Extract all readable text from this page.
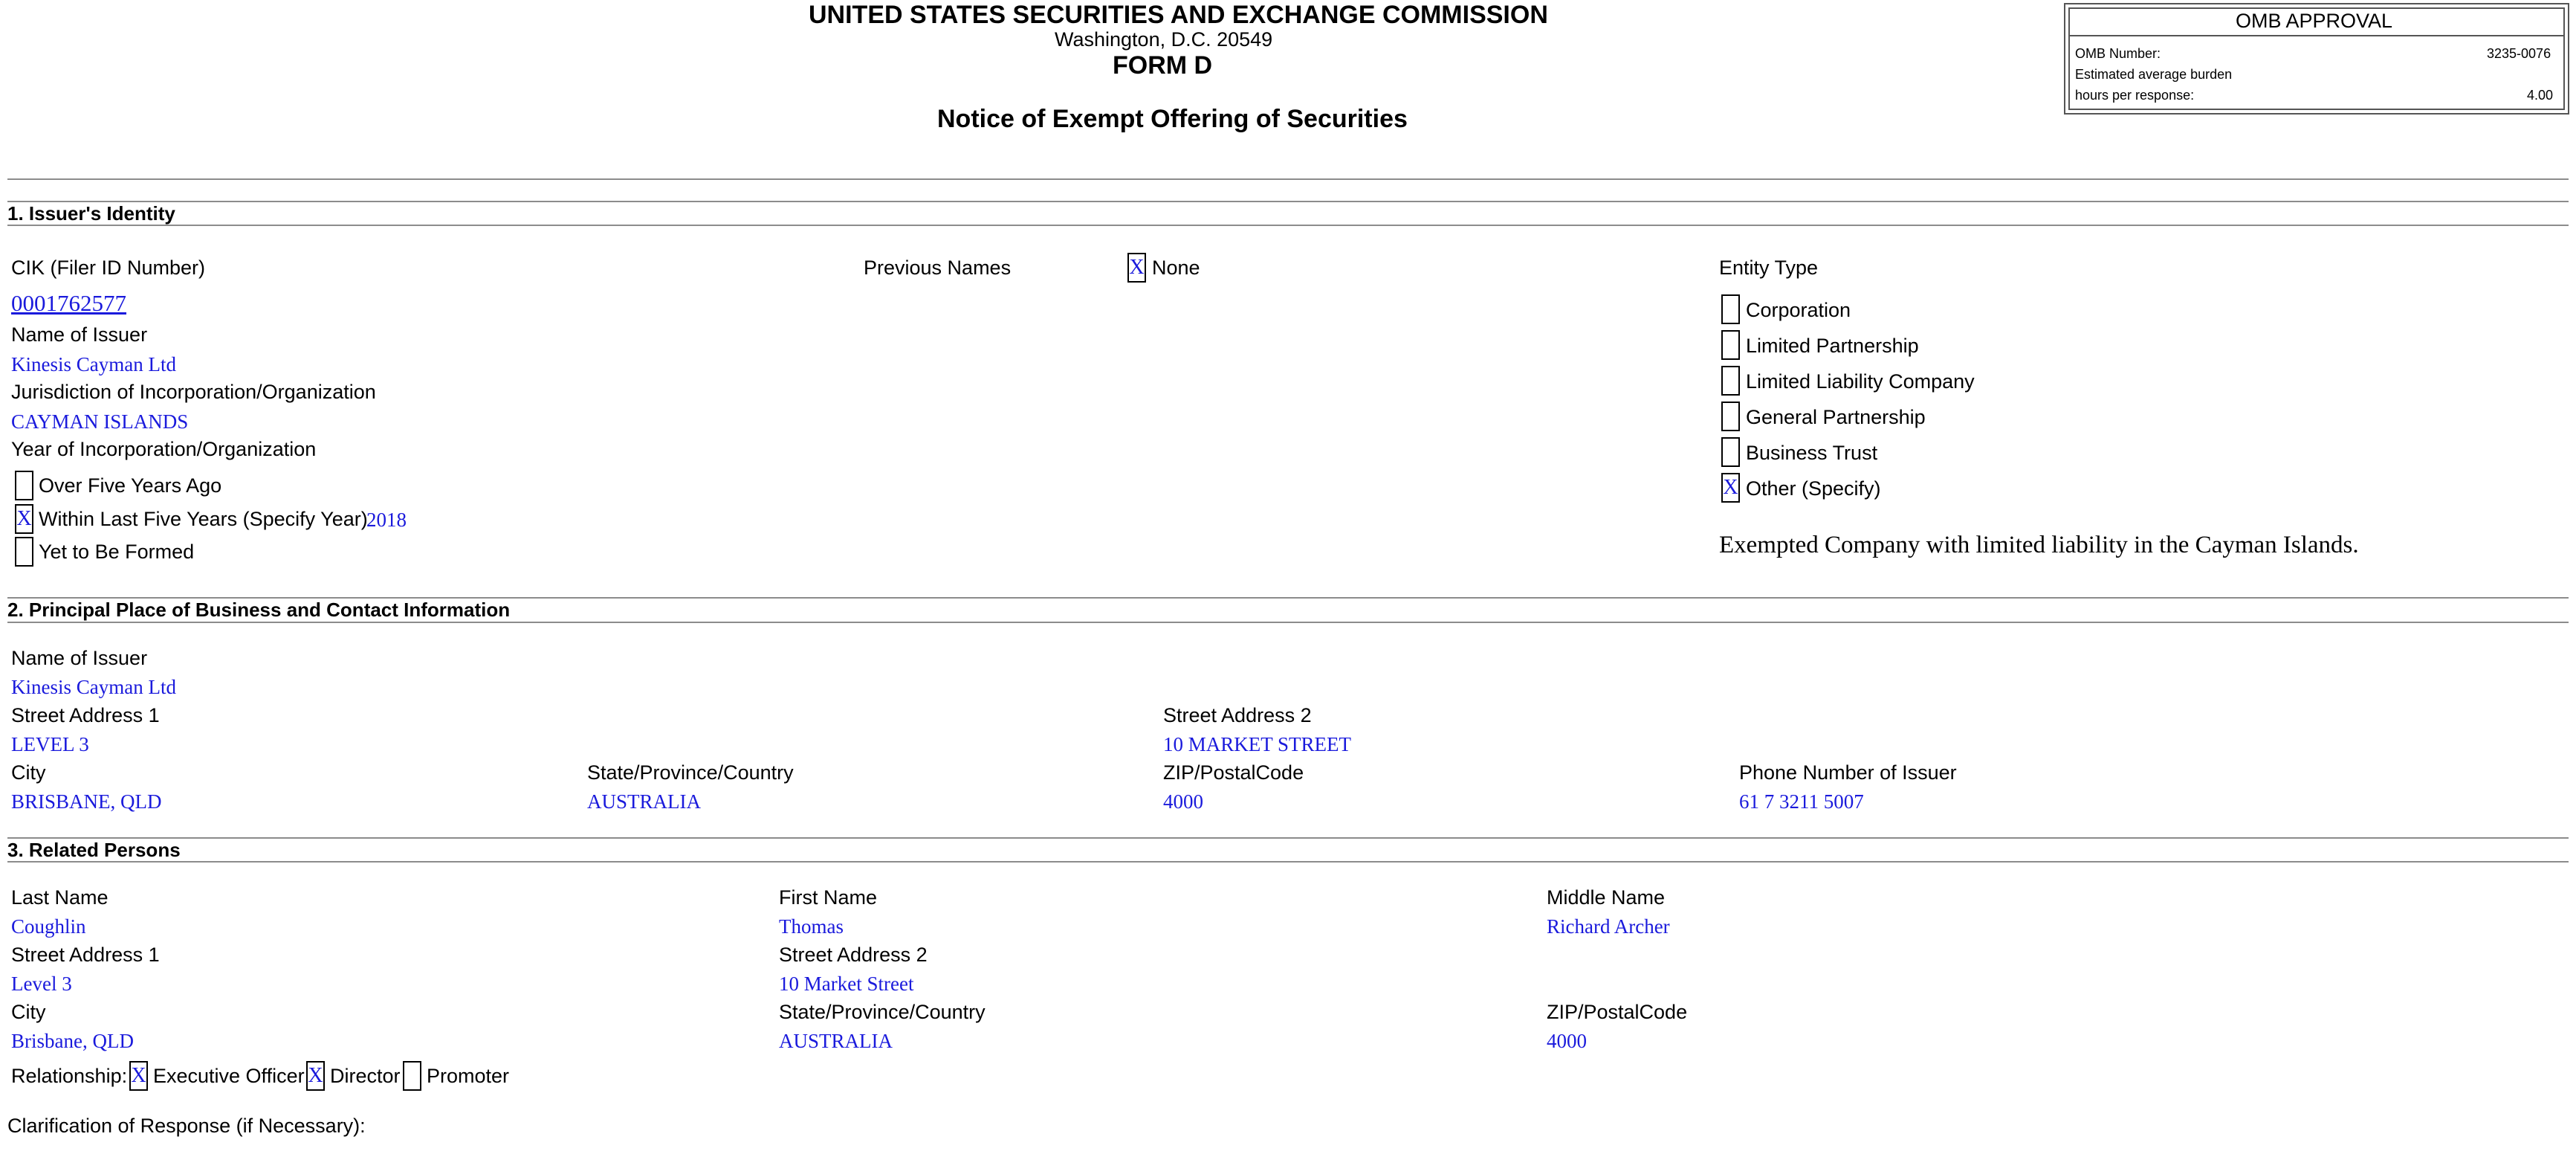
UNITED STATES SECURITIES AND EXCHANGE COMMISSION
Washington, D.C. 20549
FORM D
Notice of Exempt Offering of Securities
OMB APPROVAL
OMB Number:	3235-0076
Estimated average burden
hours per response:	4.00
1. Issuer's Identity
CIK (Filer ID Number)
0001762577
Previous Names	X None	Entity Type
Name of Issuer
Kinesis Cayman Ltd
Jurisdiction of Incorporation/Organization
CAYMAN ISLANDS
Year of Incorporation/Organization
Over Five Years Ago
X Within Last Five Years (Specify Year)
2018
Yet to Be Formed
Corporation
Limited Partnership
Limited Liability Company
General Partnership
Business Trust
X Other (Specify)
Exempted Company with limited liability in the Cayman Islands.
2. Principal Place of Business and Contact Information
Name of Issuer
Kinesis Cayman Ltd
Street Address 1
LEVEL 3
Street Address 2
10 MARKET STREET
City
BRISBANE, QLD
State/Province/Country
AUSTRALIA
ZIP/PostalCode
4000
Phone Number of Issuer
61 7 3211 5007
3. Related Persons
Last Name
Coughlin
First Name
Thomas
Middle Name
Richard Archer
Street Address 1
Level 3
Street Address 2
10 Market Street
City
Brisbane, QLD
State/Province/Country
AUSTRALIA
ZIP/PostalCode
4000
Relationship: X Executive Officer X Director Promoter
Clarification of Response (if Necessary):
